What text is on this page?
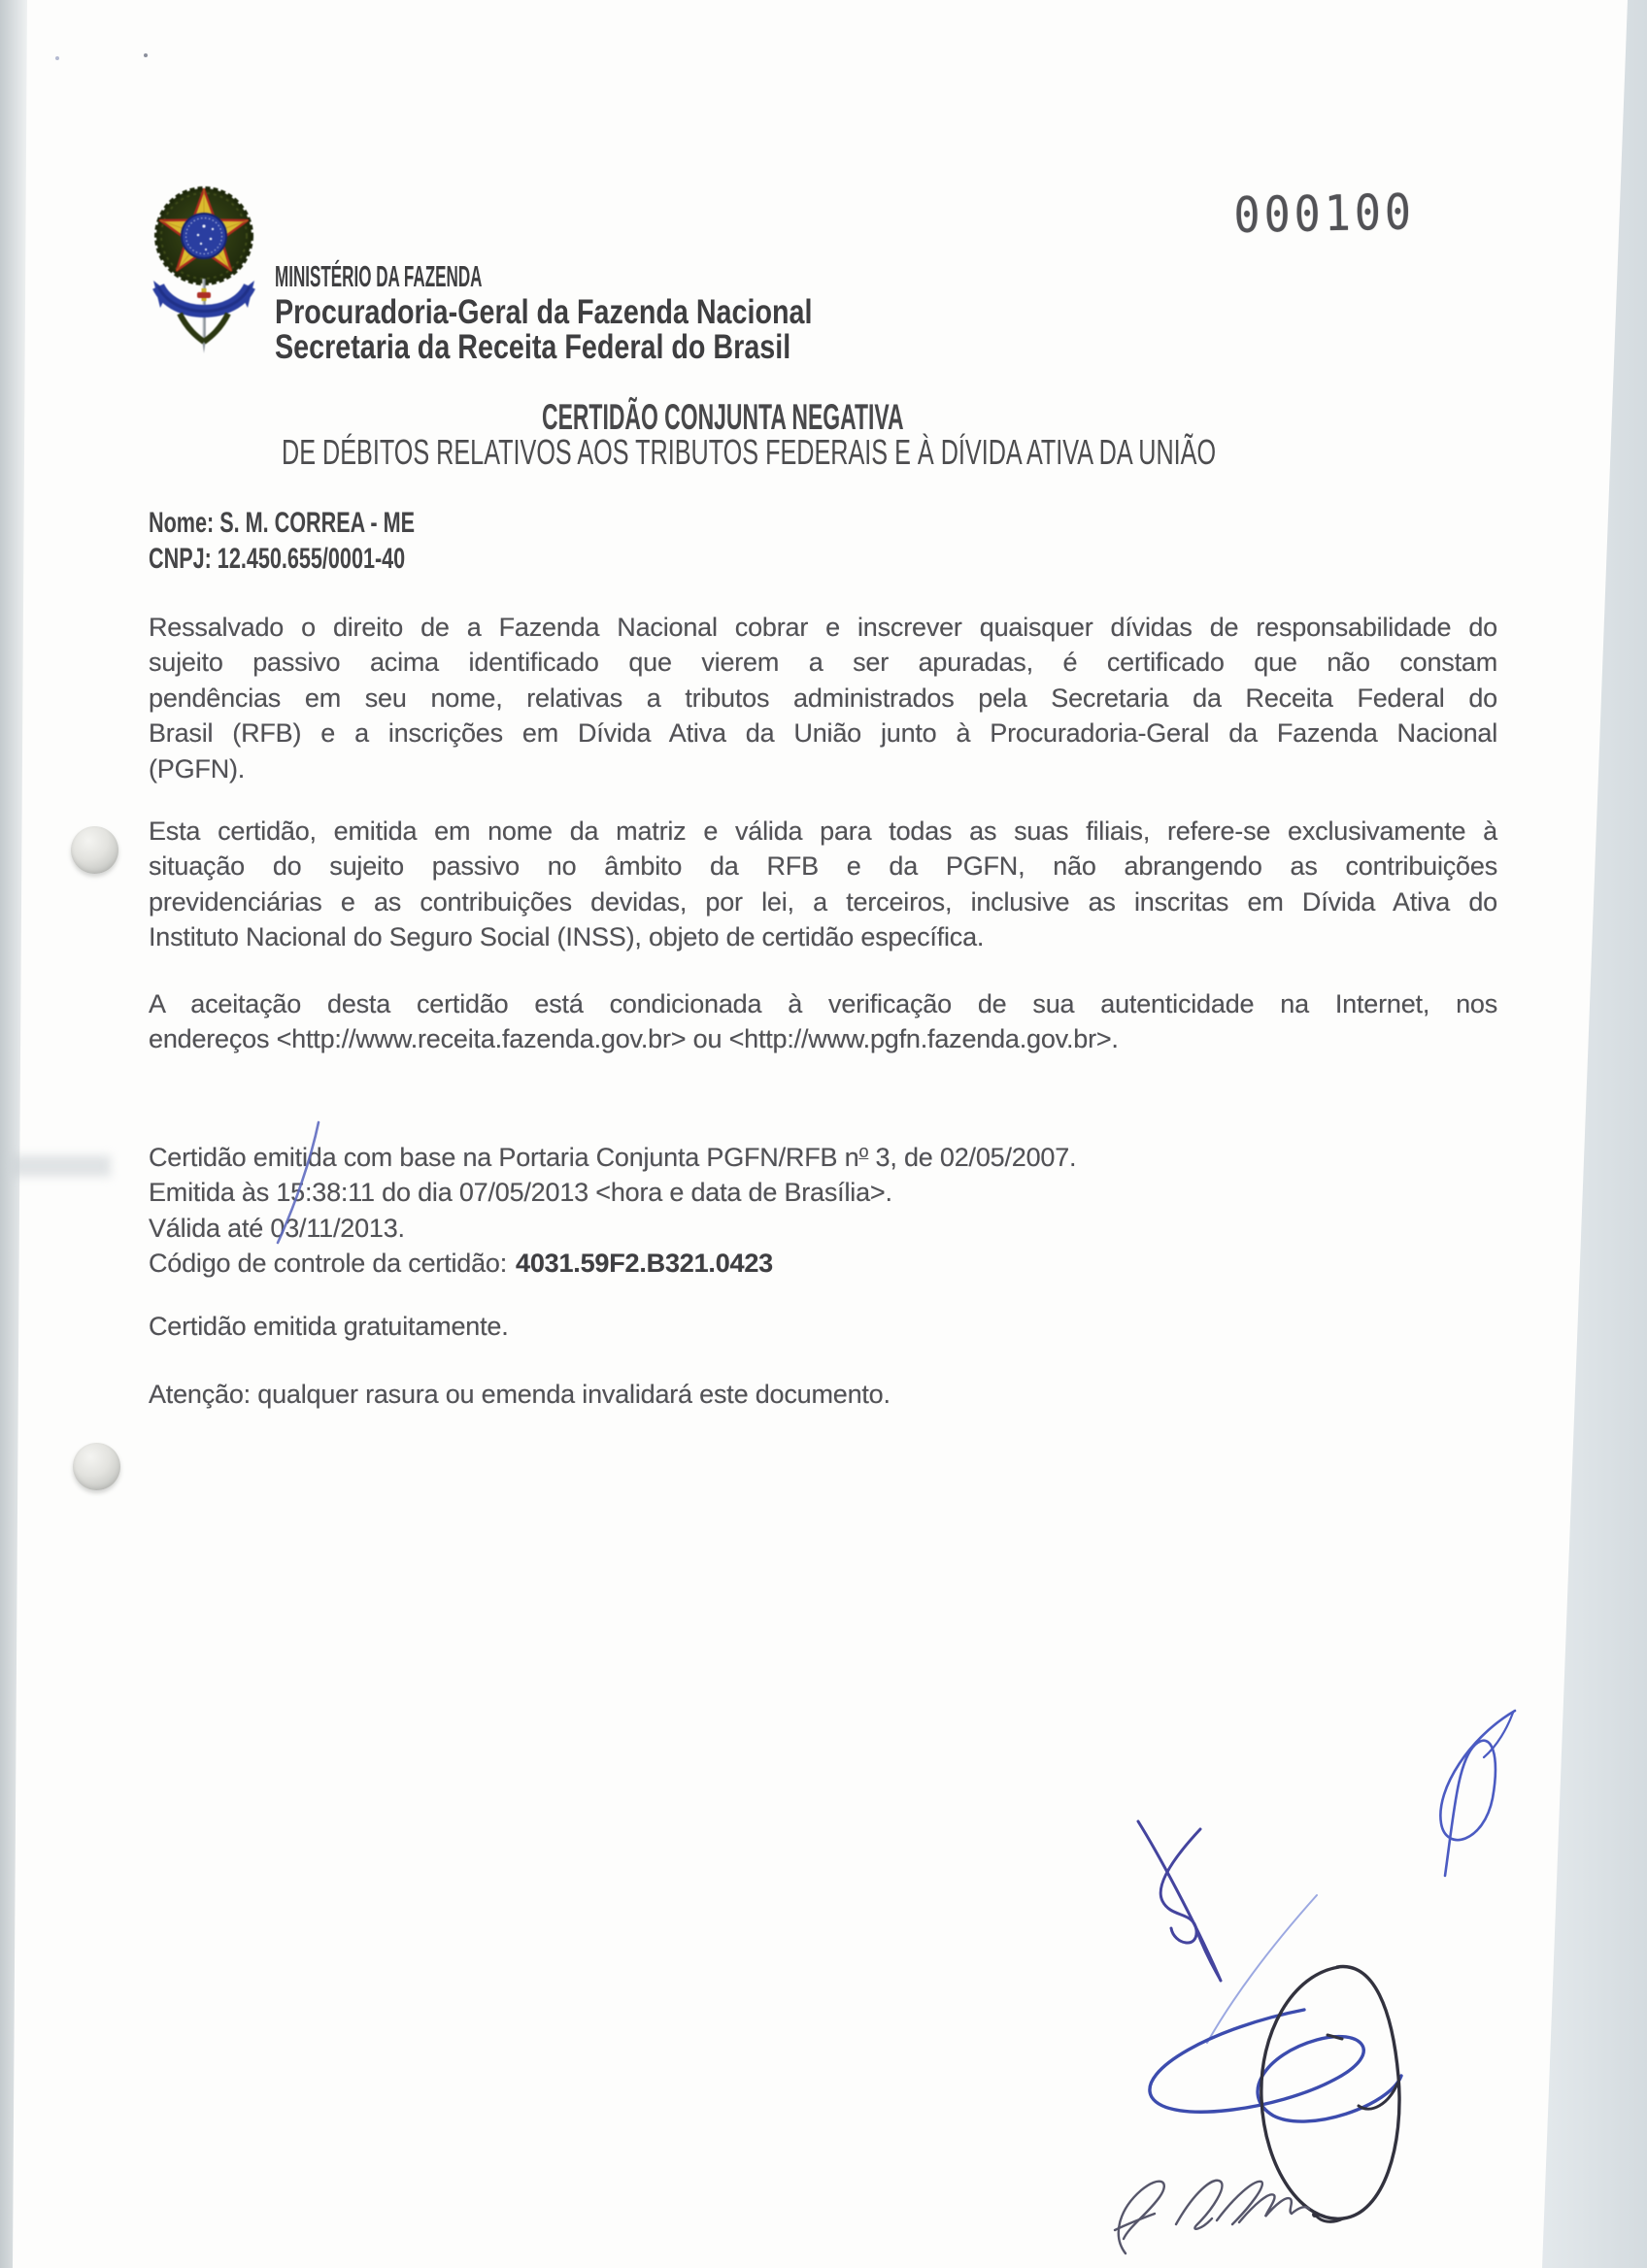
MINISTÉRIO DA FAZENDA
Procuradoria-Geral da Fazenda Nacional
Secretaria da Receita Federal do Brasil
000100
CERTIDÃO CONJUNTA NEGATIVA
DE DÉBITOS RELATIVOS AOS TRIBUTOS FEDERAIS E À DÍVIDA ATIVA DA UNIÃO
Nome: S. M. CORREA - ME
CNPJ: 12.450.655/0001-40
Ressalvado o direito de a Fazenda Nacional cobrar e inscrever quaisquer dívidas de responsabilidade do
sujeito passivo acima identificado que vierem a ser apuradas, é certificado que não constam
pendências em seu nome, relativas a tributos administrados pela Secretaria da Receita Federal do
Brasil (RFB) e a inscrições em Dívida Ativa da União junto à Procuradoria-Geral da Fazenda Nacional
(PGFN).
Esta certidão, emitida em nome da matriz e válida para todas as suas filiais, refere-se exclusivamente à
situação do sujeito passivo no âmbito da RFB e da PGFN, não abrangendo as contribuições
previdenciárias e as contribuições devidas, por lei, a terceiros, inclusive as inscritas em Dívida Ativa do
Instituto Nacional do Seguro Social (INSS), objeto de certidão específica.
A aceitação desta certidão está condicionada à verificação de sua autenticidade na Internet, nos
endereços <http://www.receita.fazenda.gov.br> ou <http://www.pgfn.fazenda.gov.br>.
Certidão emitida com base na Portaria Conjunta PGFN/RFB $n^o$ 3, de 02/05/2007.
Emitida às 15:38:11 do dia 07/05/2013 <hora e data de Brasília>.
Válida até 03/11/2013.
Código de controle da certidão: 4031.59F2.B321.0423
Certidão emitida gratuitamente.
Atenção: qualquer rasura ou emenda invalidará este documento.
